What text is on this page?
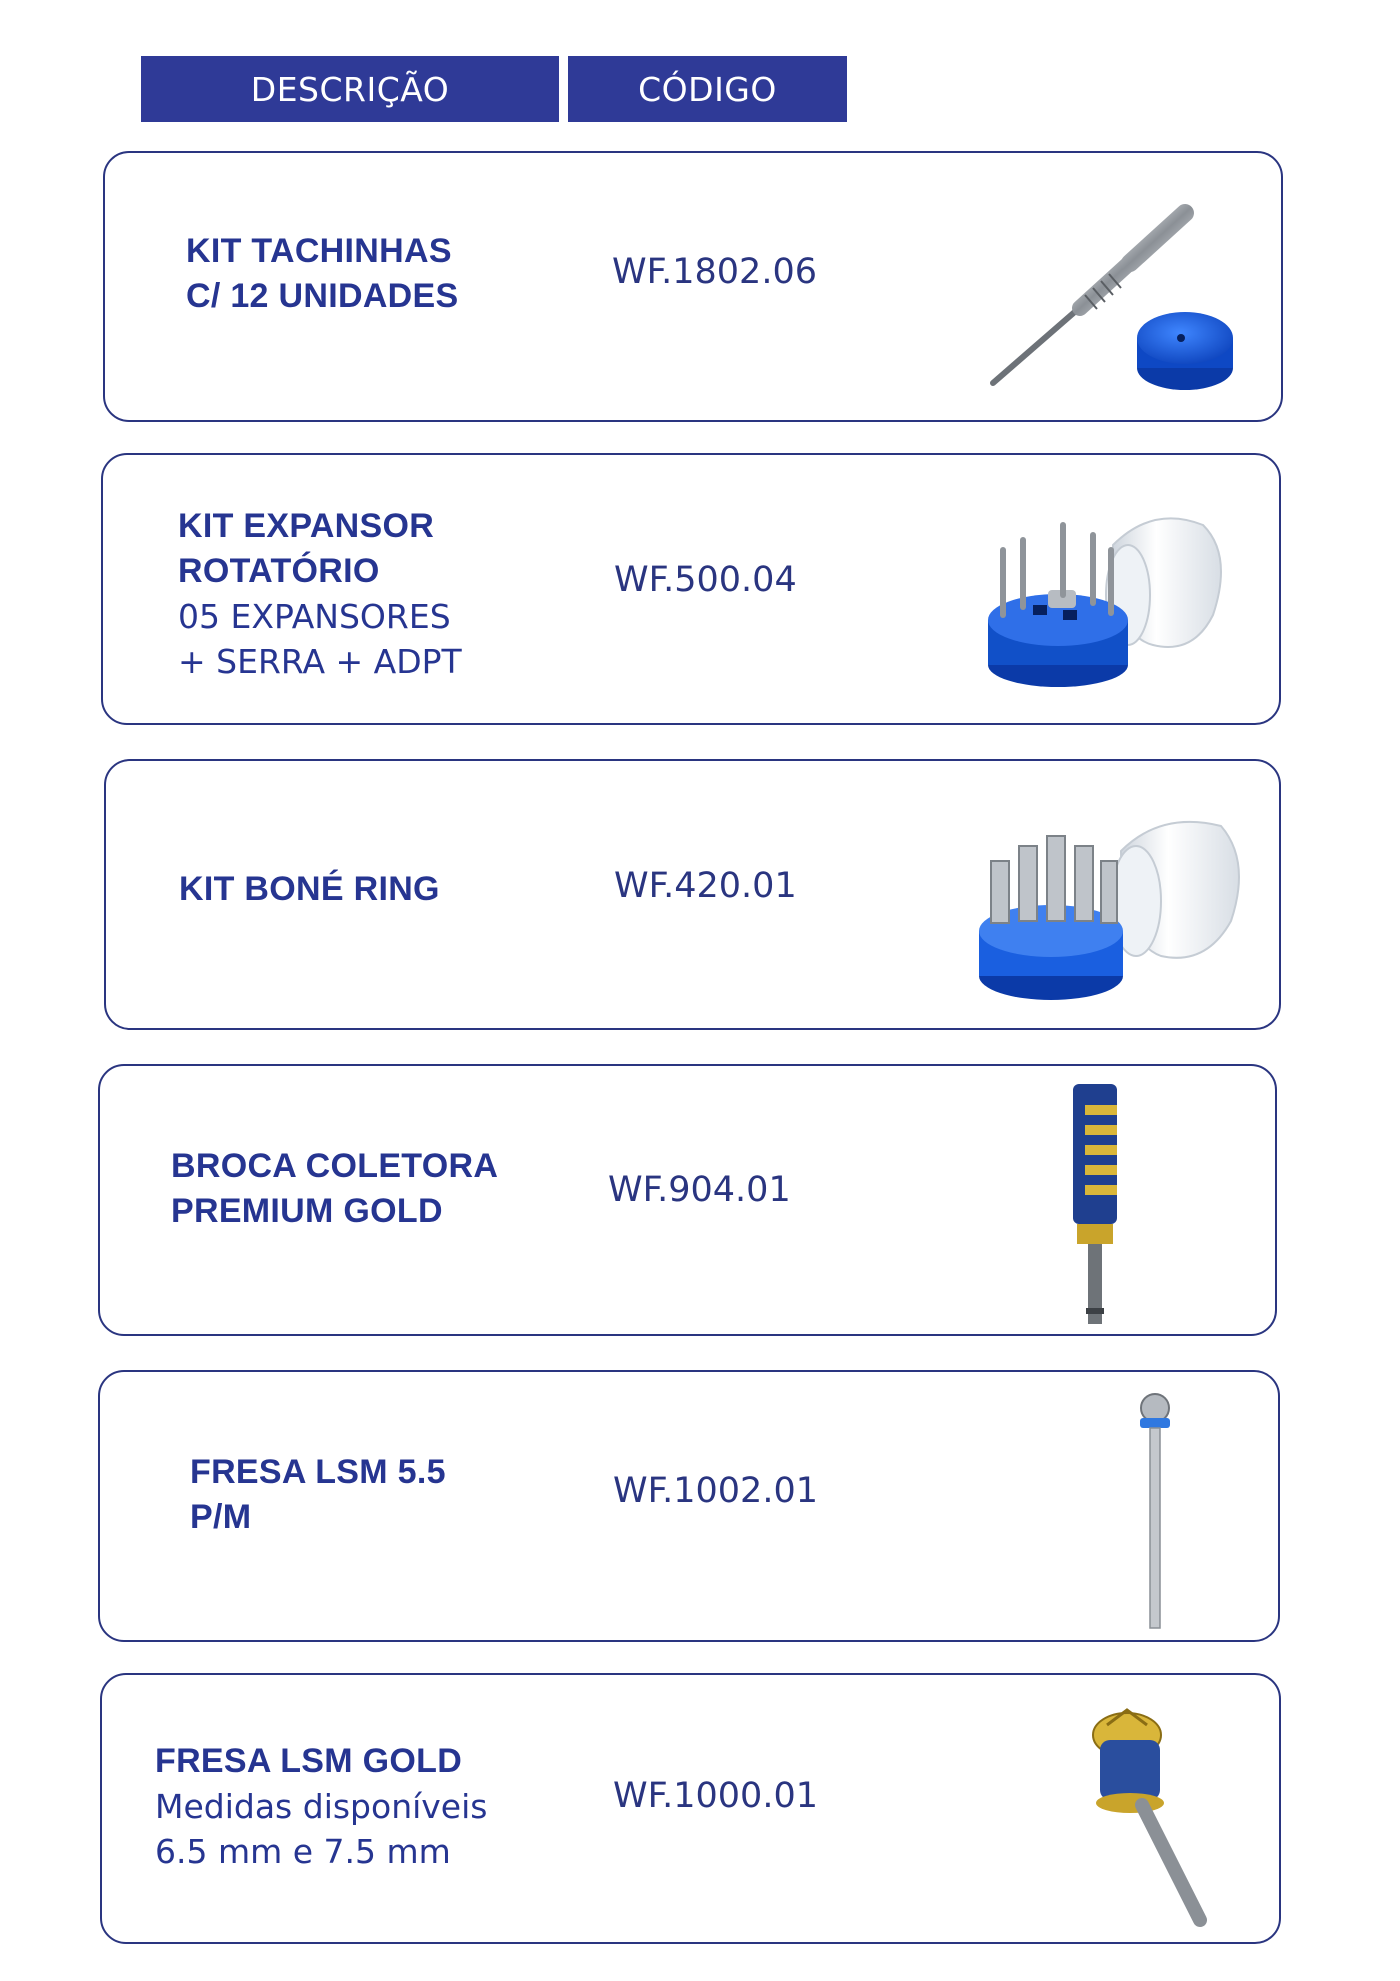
DESCRIÇÃO	CÓDIGO
KIT TACHINHAS
C/ 12 UNIDADES
WF.1802.06
KIT EXPANSOR
ROTATÓRIO
05 EXPANSORES
+ SERRA + ADPT
WF.500.04
KIT BONÉ RING	WF.420.01
BROCA COLETORA
PREMIUM GOLD
WF.904.01
FRESA LSM 5.5
P/M
WF.1002.01
FRESA LSM GOLD
Medidas disponíveis
6.5 mm e 7.5 mm
WF.1000.01
